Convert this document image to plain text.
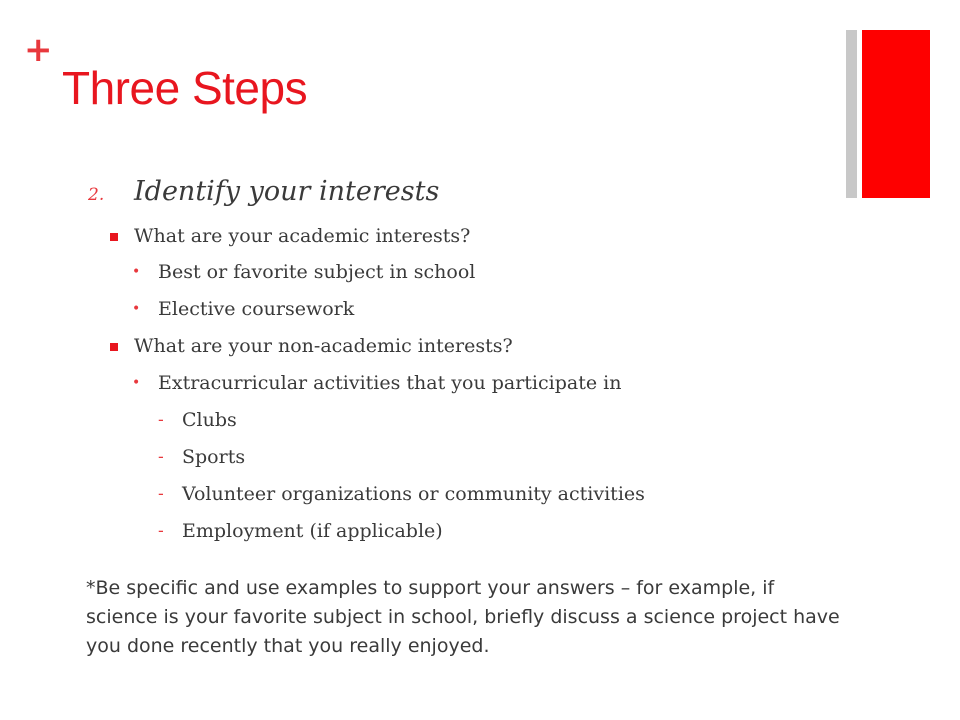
+
Three Steps
2.	Identify your interests
What are your academic interests?
• Best or favorite subject in school
• Elective coursework
What are your non-academic interests?
• Extracurricular activities that you participate in
- Clubs
- Sports
- Volunteer organizations or community activities
- Employment (if applicable)

*Be specific and use examples to support your answers – for example, if science is your favorite subject in school, briefly discuss a science project have you done recently that you really enjoyed.
